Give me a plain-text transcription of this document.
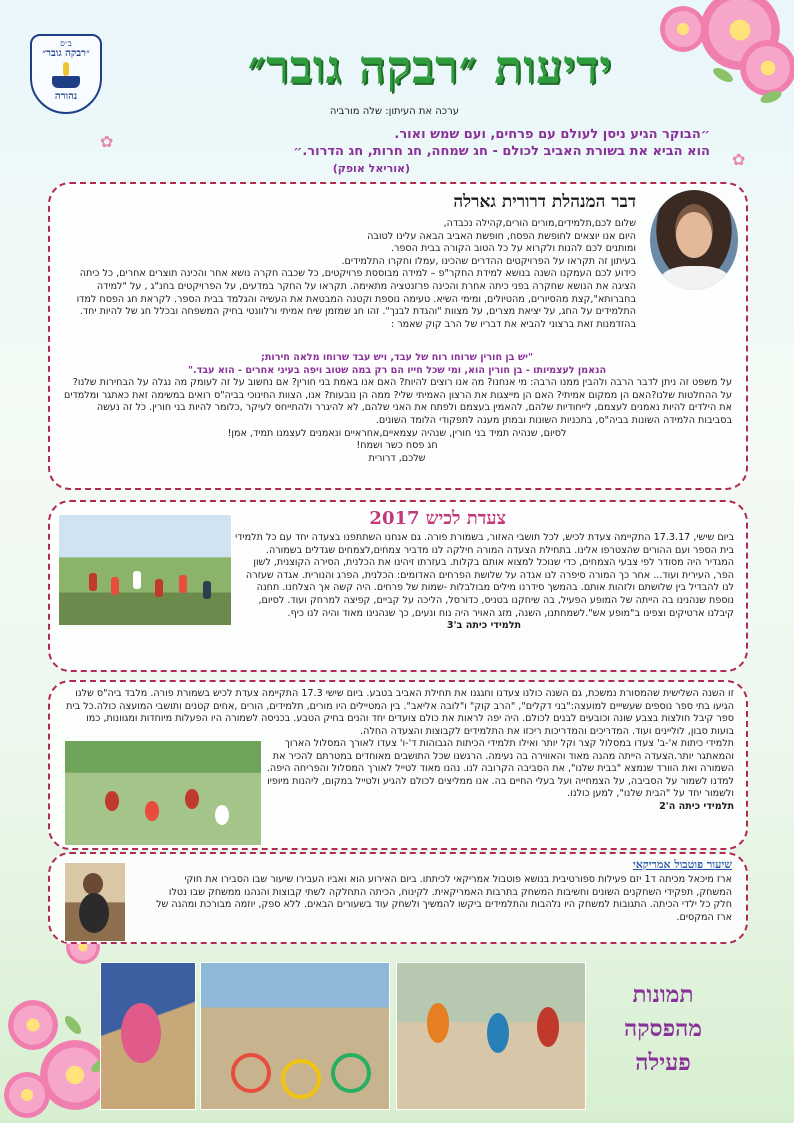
✿
✿
ב״ס
״רבקה גובר״
נהורה
ידיעות ״רבקה גובר״
ערכה את העיתון: שלה מורביה
״הבוקר הגיע ניסן לעולם עם פרחים, ועם שמש ואור.
הוא הביא את בשורת האביב לכולם - חג שמחה, חג חרות, חג הדרור.״
(אוריאל אופק)
דבר המנהלת דרורית גארלה

שלום לכם,תלמידים,מורים הורים,קהילה נכבדה,

היום אנו יוצאים לחופשת הפסח, חופשת האביב הבאה עלינו לטובה

ומותנים לכם להנות ולקרוא על כל הטוב הקורה בבית הספר.

בעיתון זה תקראו על הפרויקטים ההדרים שהכינו ,עמלו וחקרו התלמידים.

כידוע לכם העמקנו השנה בנושא למידת החקר"פ – למידה מבוססת פרויקטים, כל שכבה חקרה נושא אחר והכינה תוצרים אחרים, כל כיתה הציגה את הנושא שחקרה בפני כיתה אחרת והכינה פרזנטציה מתאימה. תקראו על החקר במדעים, על הפרויקטים בחנ"ג , על "למידה בחברותא",קצת מהסיורים, מהטיולים, ומימי השיא. טעימה נוספת וקטנה המבטאת את העשיה והגלמד בבית הספר. לקראת חג הפסח למדו התלמידים על החג, על יציאת מצרים, על מצוות "והגדת לבנך". זהו חג שמזמן שיח אמיתי ורלוונטי בחיק המשפחה ובכלל חג של להיות יחד. בהזדמנות זאת ברצוני להביא את דבריו של הרב קוק שאמר :

"יש בן חורין שרוחו רוח של עבד, ויש עבד שרוחו מלאה חירות;

הנאמן לעצמיותו - בן חורין הוא, ומי שכל חייו הם רק במה שטוב ויפה בעיני אחרים - הוא עבד."

על משפט זה ניתן לדבר הרבה ולהבין ממנו הרבה: מי אנחנו? מה אנו רוצים להיות? האם אנו באמת בני חורין? אם נחשוב על זה לעומק מה נגלה על הבחירות שלנו? על ההחלטות שלנו?האם הן ממקום אמיתי? האם הן מייצגות את הרצון האמיתי שלי? ממה הן נובעות? אנו, הצוות החינוכי בביה"ס רואים במשימה זאת כאתגר ומלמדים את הילדים להיות נאמנים לעצמם, לייחודיות שלהם, להאמין בעצמם ולפתח את האני שלהם, לא להיגרר ולהתייחס לעיקר ,כלומר להיות בני חורין. כל זה נעשה בסביבות הלמידה השונות בביה"ס, בתכניות השונות ובמתן מענה לתפקודי הלומד השונים.

לסיום, שנהיה תמיד בני חורין, שנהיה עצמאיים,אחראיים ונאמנים לעצמנו תמיד, אמן!

חג פסח כשר ושמח!

שלכם, דרורית

צעדת לכיש 2017

ביום שישי, 17.3.17 התקיימה צעדת לכיש, לכל תושבי האזור, בשמורת פורה. גם אנחנו השתתפנו בצעדה יחד עם כל תלמידי בית הספר ועם ההורים שהצטרפו אלינו. בתחילת הצעדה המורה חילקה לנו מדביר צמחים,לצמחים שגדלים בשמורה. המגדיר היה מסודר לפי צבעי הצמחים, כדי שנוכל למצוא אותם בקלות. בעזרתו זיהינו את הכלנית, הסירה הקוצנית, לשון הפר, העירית ועוד... אחר כך המורה סיפרה לנו אגדה על שלושת הפרחים האדומים: הכלנית, הפרג והנורית. אגדה שעזרה לנו להבדיל בין שלושתם ולזהות אותם. בהמשך סידרנו מילים מבולבלות -שמות של פרחים. היה קשה אך הצלחנו. תחנה נוספת שנהנינו בה הייתה של המופע הפעיל, בה שיחקנו בטניס, כדורסל, הליכה על קביים, קפיצה למרחק ועוד. לסיום, קיבלנו ארטיקים וצפינו ב"מופע אש".לשמחתנו, השנה, מזג האויר היה נוח ונעים, כך שנהנינו מאוד והיה לנו כיף.

תלמידי כיתה ב'3

זו השנה השלישית שהמסורת נמשכת, גם השנה כולנו צעדנו וחגגנו את תחילת האביב בטבע. ביום שישי 17.3 התקיימה צעדת לכיש בשמורת פורה. מלבד ביה"ס שלנו הגיעו בתי ספר נוספים שעשייים למועצה:"בני דקלים", "הרב קוק" ו"לובה אליאב". בין המטיילים היו מורים, תלמידים, הורים ,אחים קטנים ותושבי המועצה כולה.כל בית ספר קיבל חולצות בצבע שונה וכובעים לבנים לכולם. היה יפה לראות את כולם צועדים יחד והנים בחיק הטבע. בכניסה לשמורה היו הפעלות מיוחדות ומגוונות, כמו בועות סבון, לוליינים ועוד. המדריכים והמדריכות ריכזו את התלמידים לקבוצות והצעדה החלה.

תלמידי כיתות א'-ב' צעדו במסלול קצר וקל יותר ואילו תלמידי הכיתות הגבוהות ד'-ו' צעדו לאורך המסלול הארוך והמאתגר יותר.הצעדה הייתה מהנה מאוד והאווירה בה נעימה. הרגשנו שכל התושבים מאוחדים במטרתם להכיר את השמורה ואת הוורד שנמצא "בבית שלנו", את הסביבה הקרובה לנו. נהנו מאוד לטייל לאורך המסלול והפריחה היפה. למדנו לשמור על הסביבה, על הצמחייה ועל בעלי החיים בה. אנו ממליצים לכולם להגיע ולטייל במקום, ליהנות מיופיו ולשמור יחד על "הבית שלנו", למען כולנו.

תלמידי כיתה ה'2

שיעור פוטבול אמריקאי
ארז מיכאל מכיתה ד1 יזם פעילות ספורטיבית בנושא פוטבול אמריקאי לכיתתו. ביום האירוע הוא ואביו העבירו שיעור שבו הסבירו את חוקי המשחק, תפקידי השחקנים השונים וחשיבות המשחק בתרבות האמריקאית. לקינוח, הכיתה התחלקה לשתי קבוצות והנהנו ממשחק שבו נטלו חלק כל ילדי הכיתה. התגובות למשחק היו נלהבות והתלמידים ביקשו להמשיך ולשחק עוד בשעורים הבאים. ללא ספק, יוזמה מבורכת ומהנה של ארז המקסים.
תמונות
מהפסקה
פעילה
